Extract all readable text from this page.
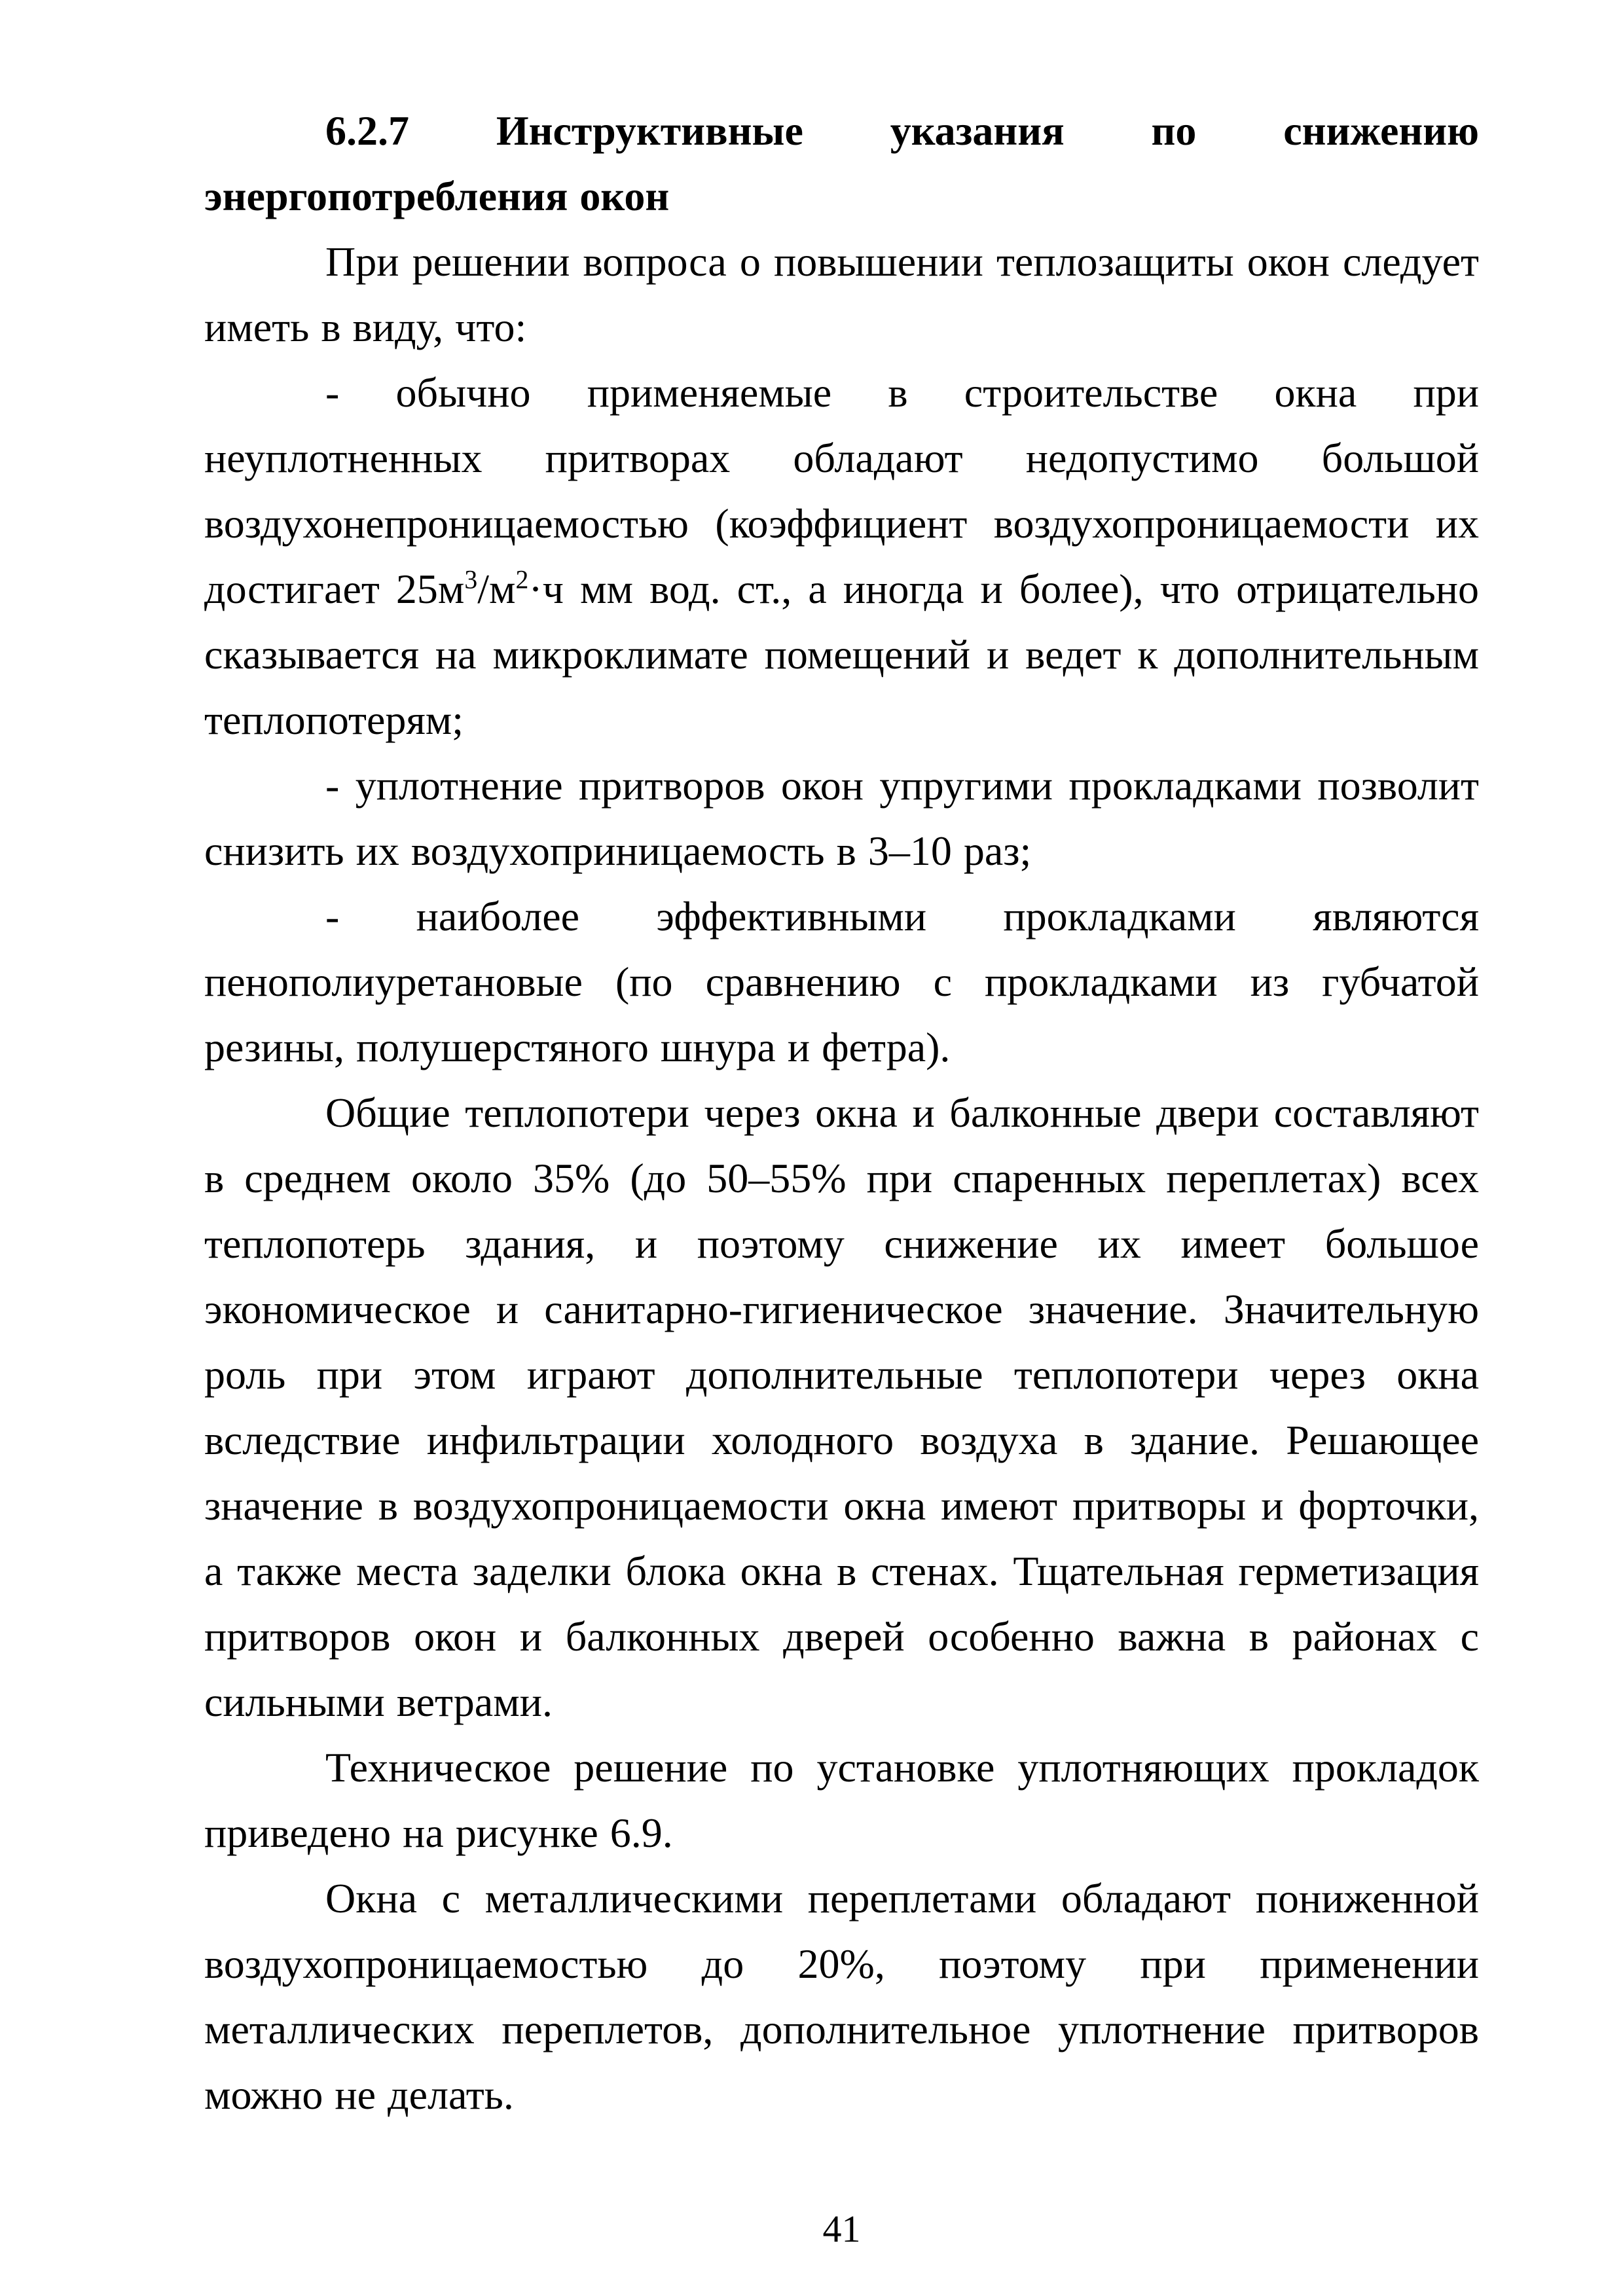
6.2.7 Инструктивные указания по снижению энергопотребления окон

При решении вопроса о повышении теплозащиты окон следует иметь в виду, что:

- обычно применяемые в строительстве окна при неуплотненных притворах обладают недопустимо большой воздухонепроницаемостью (коэффициент воздухопроницаемости их достигает $25м^3/м^2\cdot ч$ мм вод. ст., а иногда и более), что отрицательно сказывается на микроклимате помещений и ведет к дополнительным теплопотерям;

- уплотнение притворов окон упругими прокладками позволит снизить их воздухоприницаемость в 3–10 раз;

- наиболее эффективными прокладками являются пенополиуретановые (по сравнению с прокладками из губчатой резины, полушерстяного шнура и фетра).

Общие теплопотери через окна и балконные двери составляют в среднем около 35% (до 50–55% при спаренных переплетах) всех теплопотерь здания, и поэтому снижение их имеет большое экономическое и санитарно-гигиеническое значение. Значительную роль при этом играют дополнительные теплопотери через окна вследствие инфильтрации холодного воздуха в здание. Решающее значение в воздухопроницаемости окна имеют притворы и форточки, а также места заделки блока окна в стенах. Тщательная герметизация притворов окон и балконных дверей особенно важна в районах с сильными ветрами.

Техническое решение по установке уплотняющих прокладок приведено на рисунке 6.9.

Окна с металлическими переплетами обладают пониженной воздухопроницаемостью до 20%, поэтому при применении металлических переплетов, дополнительное уплотнение притворов можно не делать.

41
